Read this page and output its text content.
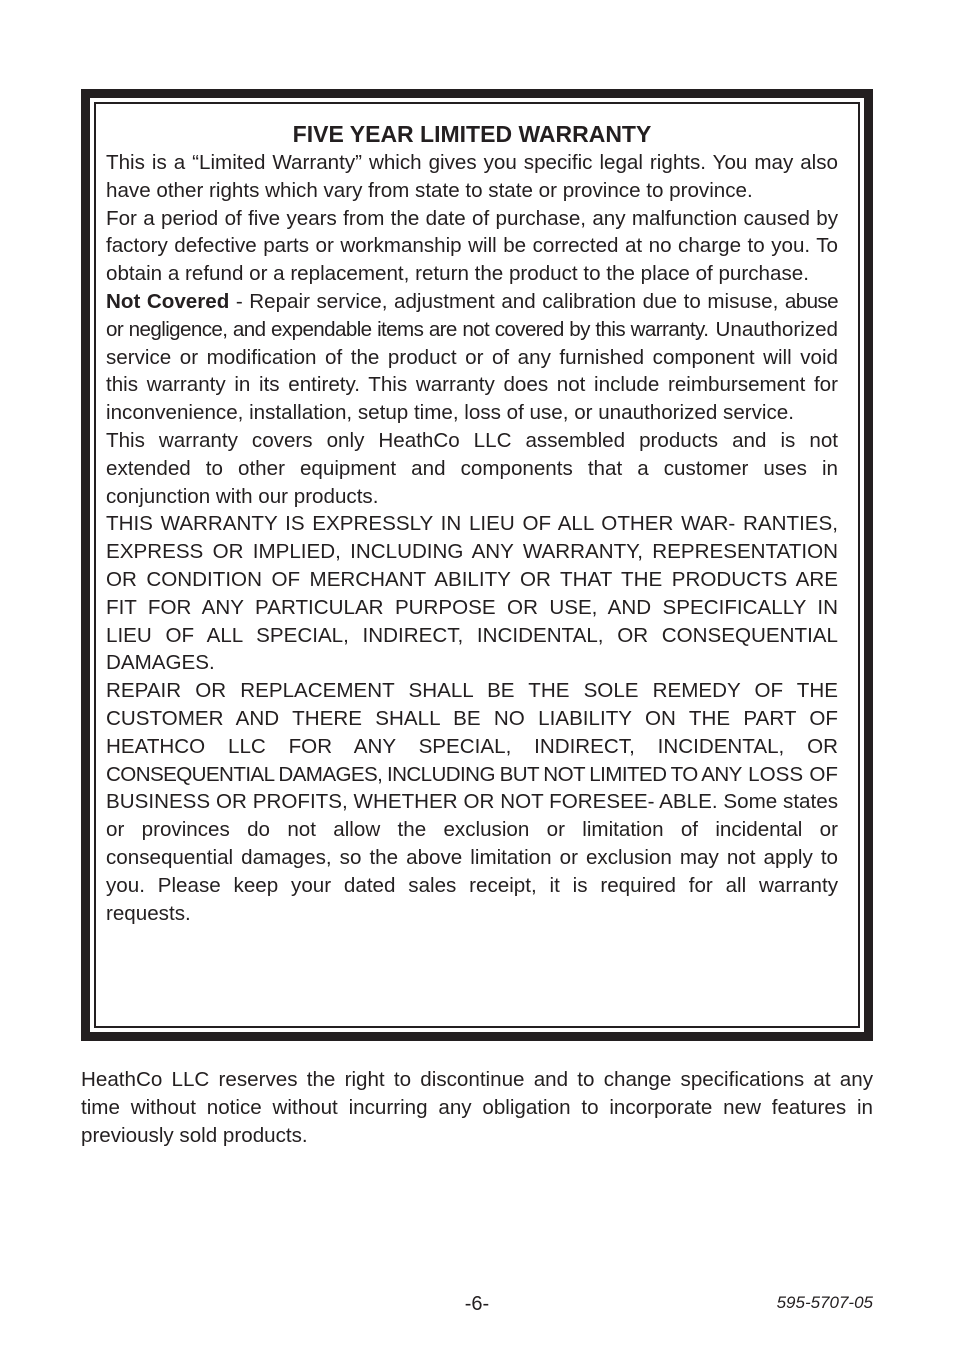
FIVE YEAR LIMITED WARRANTY

This is a “Limited Warranty” which gives you specific legal rights. You may also have other rights which vary from state to state or province to province.

For a period of five years from the date of purchase, any malfunction caused by factory defective parts or workmanship will be corrected at no charge to you. To obtain a refund or a replacement, return the product to the place of purchase.

Not Covered - Repair service, adjustment and calibration due to misuse, abuse or negligence, and expendable items are not covered by this warranty. Unauthorized service or modification of the product or of any furnished component will void this warranty in its entirety. This warranty does not include reimbursement for inconvenience, installation, setup time, loss of use, or unauthorized service.

This warranty covers only HeathCo LLC assembled products and is not extended to other equipment and components that a customer uses in conjunction with our products.

THIS WARRANTY IS EXPRESSLY IN LIEU OF ALL OTHER WAR- RANTIES, EXPRESS OR IMPLIED, INCLUDING ANY WARRANTY, REPRESENTATION OR CONDITION OF MERCHANT ABILITY OR THAT THE PRODUCTS ARE FIT FOR ANY PARTICULAR PURPOSE OR USE, AND SPECIFICALLY IN LIEU OF ALL SPECIAL, INDIRECT, INCIDENTAL, OR CONSEQUENTIAL DAMAGES.

REPAIR OR REPLACEMENT SHALL BE THE SOLE REMEDY OF THE CUSTOMER AND THERE SHALL BE NO LIABILITY ON THE PART OF HEATHCO LLC FOR ANY SPECIAL, INDIRECT, INCIDENTAL, OR CONSEQUENTIAL DAMAGES, INCLUDING BUT NOT LIMITED TO ANY LOSS OF BUSINESS OR PROFITS, WHETHER OR NOT FORESEE- ABLE. Some states or provinces do not allow the exclusion or limitation of incidental or consequential damages, so the above limitation or exclusion may not apply to you. Please keep your dated sales receipt, it is required for all warranty requests.

HeathCo LLC reserves the right to discontinue and to change specifications at any time without notice without incurring any obligation to incorporate new features in previously sold products.

-6-	595-5707-05
